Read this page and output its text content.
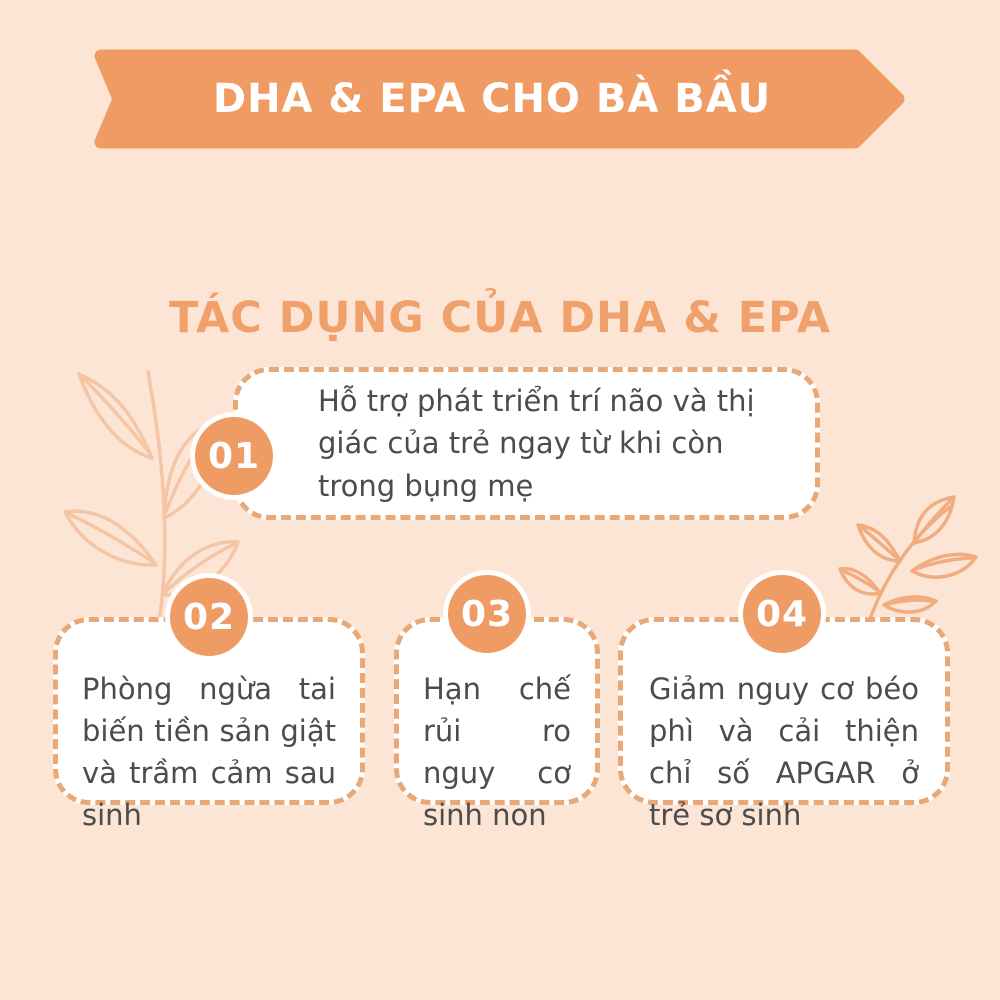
DHA & EPA CHO BÀ BẦU
TÁC DỤNG CỦA DHA & EPA
Hỗ trợ phát triển trí não và thị giác của trẻ ngay từ khi còn trong bụng mẹ
01
Phòng ngừa tai biến tiền sản giật và trầm cảm sau sinh
02
Hạn chế rủi ro nguy cơ sinh non
03
Giảm nguy cơ béo phì và cải thiện chỉ số APGAR ở trẻ sơ sinh
04
